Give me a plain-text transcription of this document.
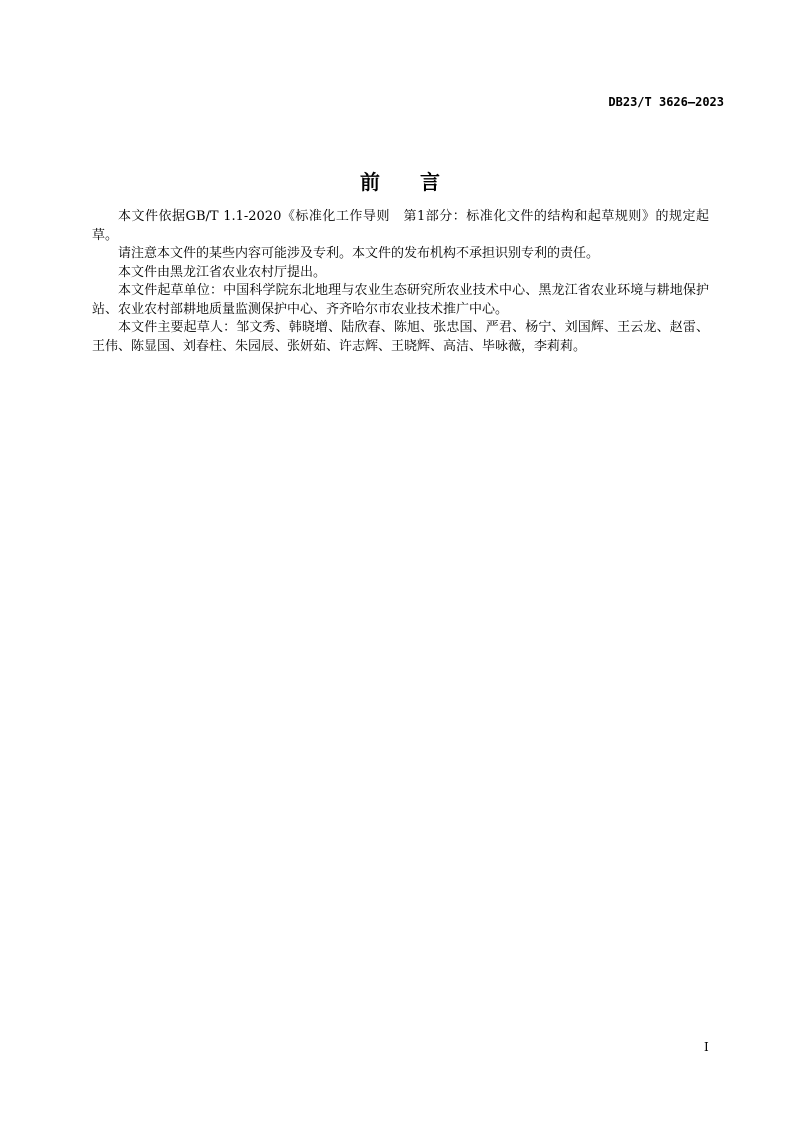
DB23/T 3626—2023
前言

本文件依据GB/T 1.1-2020《标准化工作导则　第1部分：标准化文件的结构和起草规则》的规定起草。

请注意本文件的某些内容可能涉及专利。本文件的发布机构不承担识别专利的责任。

本文件由黑龙江省农业农村厅提出。

本文件起草单位：中国科学院东北地理与农业生态研究所农业技术中心、黑龙江省农业环境与耕地保护站、农业农村部耕地质量监测保护中心、齐齐哈尔市农业技术推广中心。

本文件主要起草人：邹文秀、韩晓增、陆欣春、陈旭、张忠国、严君、杨宁、刘国辉、王云龙、赵雷、王伟、陈显国、刘春柱、朱园辰、张妍茹、许志辉、王晓辉、高洁、毕咏薇，李莉莉。

I
